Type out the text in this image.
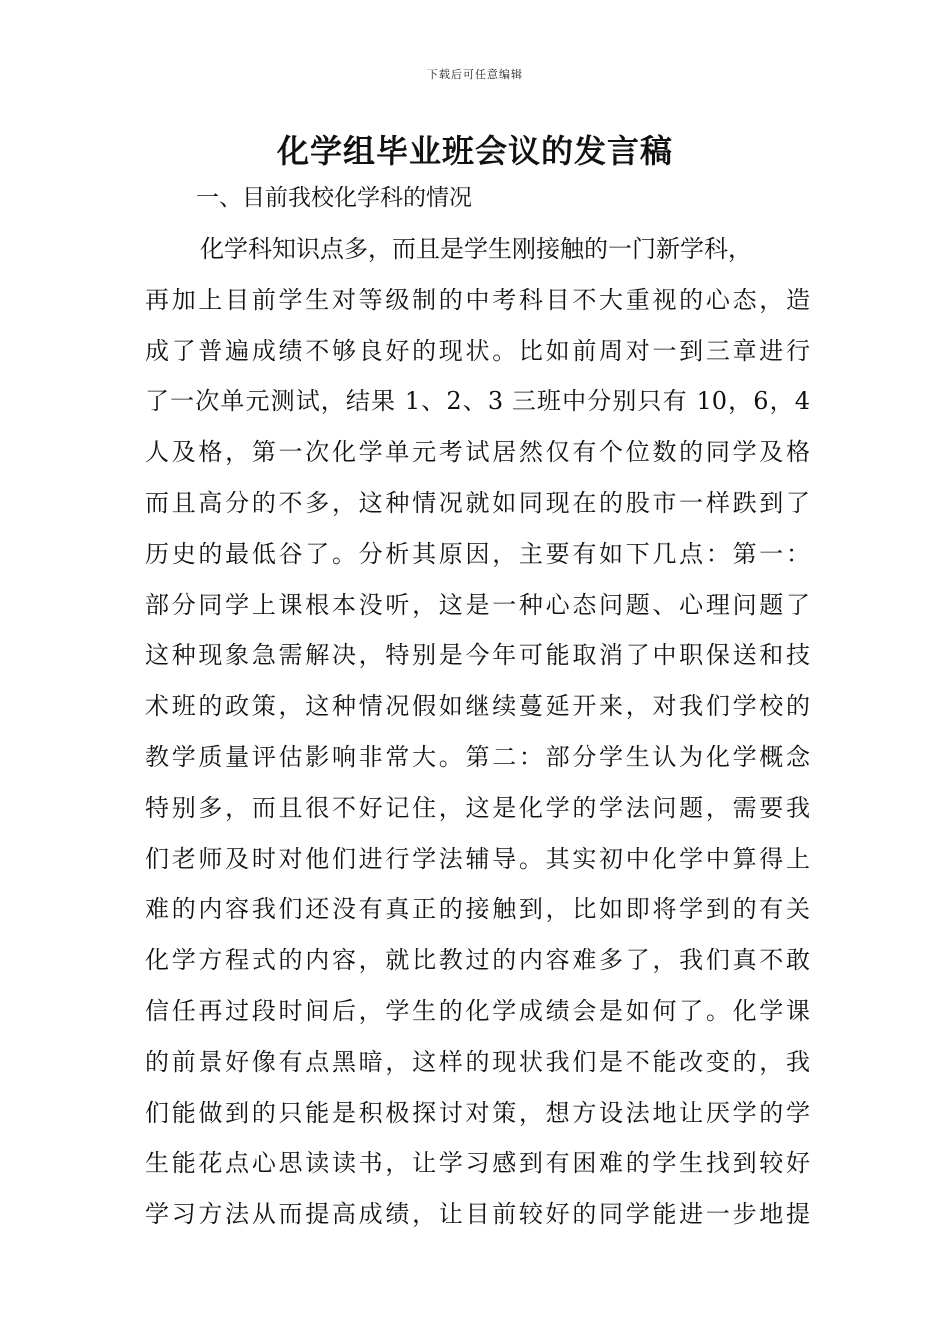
下载后可任意编辑
化学组毕业班会议的发言稿

一、目前我校化学科的情况

化学科知识点多，而且是学生刚接触的一门新学科，
再加上目前学生对等级制的中考科目不大重视的心态，造
成了普遍成绩不够良好的现状。比如前周对一到三章进行
了一次单元测试，结果 1、2、3 三班中分别只有 10，6，4
人及格，第一次化学单元考试居然仅有个位数的同学及格
而且高分的不多，这种情况就如同现在的股市一样跌到了
历史的最低谷了。分析其原因，主要有如下几点：第一：
部分同学上课根本没听，这是一种心态问题、心理问题了
这种现象急需解决，特别是今年可能取消了中职保送和技
术班的政策，这种情况假如继续蔓延开来，对我们学校的
教学质量评估影响非常大。第二：部分学生认为化学概念
特别多，而且很不好记住，这是化学的学法问题，需要我
们老师及时对他们进行学法辅导。其实初中化学中算得上
难的内容我们还没有真正的接触到，比如即将学到的有关
化学方程式的内容，就比教过的内容难多了，我们真不敢
信任再过段时间后，学生的化学成绩会是如何了。化学课
的前景好像有点黑暗，这样的现状我们是不能改变的，我
们能做到的只能是积极探讨对策，想方设法地让厌学的学
生能花点心思读读书，让学习感到有困难的学生找到较好
学习方法从而提高成绩，让目前较好的同学能进一步地提
